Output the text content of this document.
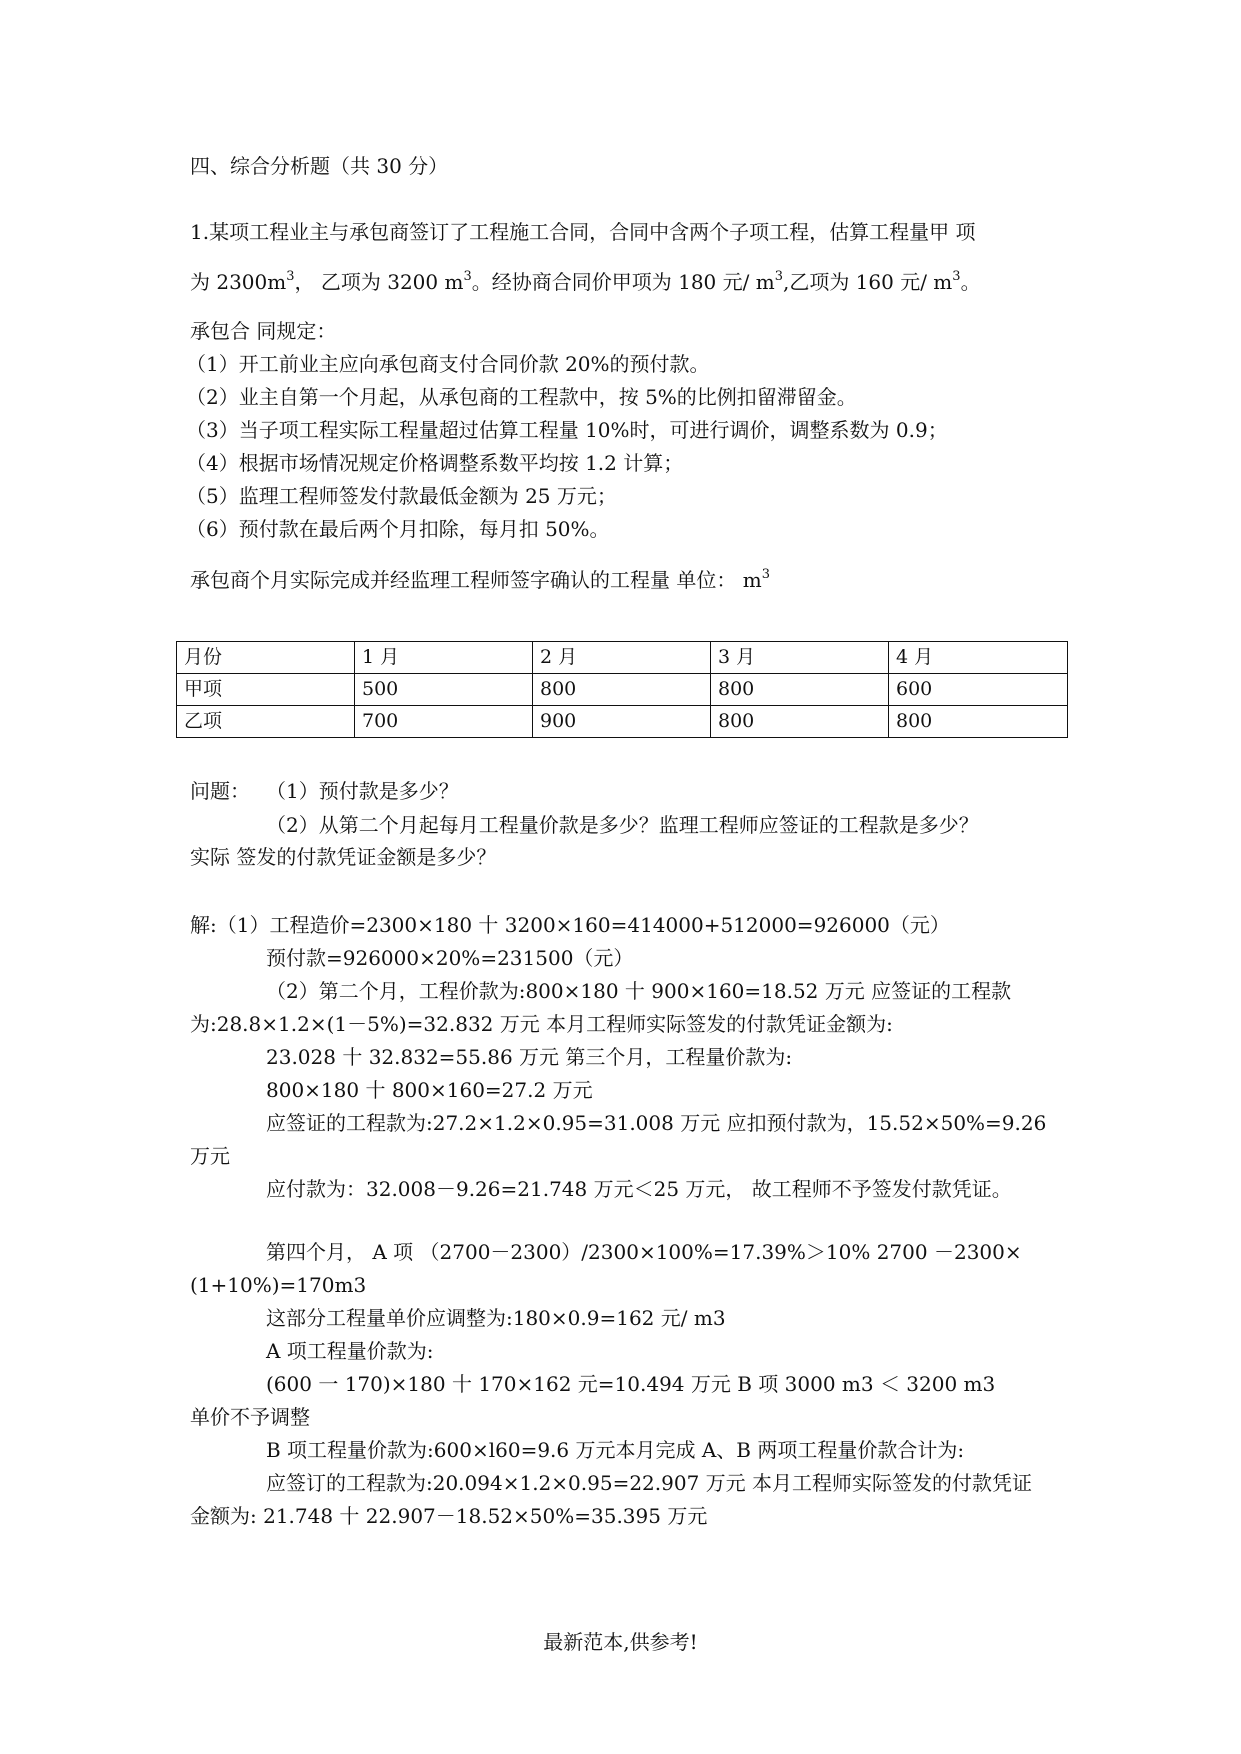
四、综合分析题（共 30 分）
1.某项工程业主与承包商签订了工程施工合同，合同中含两个子项工程，估算工程量甲 项
为 $2300m^3$， 乙项为 3200 $m^3$。经协商合同价甲项为 180 元/ $m^3$,乙项为 160 元/ $m^3$。
承包合 同规定：
（1）开工前业主应向承包商支付合同价款 20%的预付款。
（2）业主自第一个月起，从承包商的工程款中，按 5%的比例扣留滞留金。
（3）当子项工程实际工程量超过估算工程量 10%时，可进行调价，调整系数为 0.9；
（4）根据市场情况规定价格调整系数平均按 1.2 计算；
（5）监理工程师签发付款最低金额为 25 万元；
（6）预付款在最后两个月扣除，每月扣 50%。
承包商个月实际完成并经监理工程师签字确认的工程量 单位： $m^3$
月份	1 月	2 月	3 月	4 月
甲项	500	800	800	600
乙项	700	900	800	800
问题： （1）预付款是多少？
（2）从第二个月起每月工程量价款是多少？监理工程师应签证的工程款是多少？
实际 签发的付款凭证金额是多少？
解:（1）工程造价=2300×180 十 3200×160=414000+512000=926000（元）
预付款=926000×20%=231500（元）
（2）第二个月，工程价款为:800×180 十 900×160=18.52 万元 应签证的工程款
为:28.8×1.2×(1－5%)=32.832 万元 本月工程师实际签发的付款凭证金额为:
23.028 十 32.832=55.86 万元 第三个月，工程量价款为:
800×180 十 800×160=27.2 万元
应签证的工程款为:27.2×1.2×0.95=31.008 万元 应扣预付款为，15.52×50%=9.26
万元
应付款为：32.008－9.26=21.748 万元＜25 万元， 故工程师不予签发付款凭证。
第四个月， A 项 （2700－2300）/2300×100%=17.39%＞10% 2700 －2300×
(1+10%)=170m3
这部分工程量单价应调整为:180×0.9=162 元/ m3
A 项工程量价款为:
(600 一 170)×180 十 170×162 元=10.494 万元 B 项 3000 m3 ＜ 3200 m3
单价不予调整
B 项工程量价款为:600×l60=9.6 万元本月完成 A、B 两项工程量价款合计为:
应签订的工程款为:20.094×1.2×0.95=22.907 万元 本月工程师实际签发的付款凭证
金额为: 21.748 十 22.907－18.52×50%=35.395 万元
最新范本,供参考!
